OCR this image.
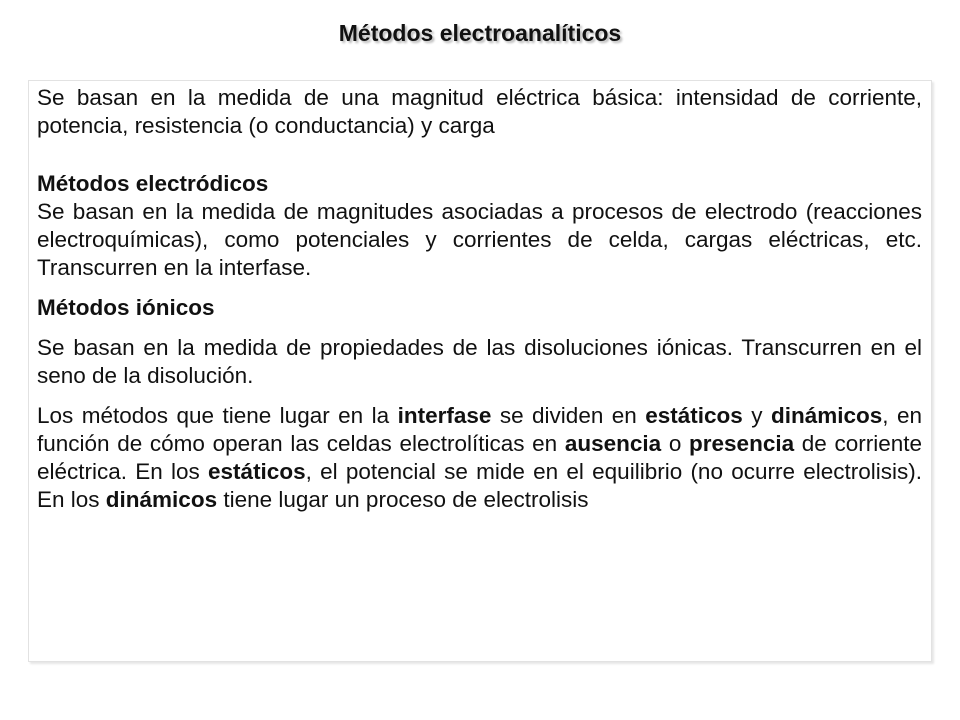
Métodos electroanalíticos

Se basan en la medida de una magnitud eléctrica básica: intensidad de corriente, potencia, resistencia (o conductancia) y carga

Métodos electródicos

Se basan en la medida de magnitudes asociadas a procesos de electrodo (reacciones electroquímicas), como potenciales y corrientes de celda, cargas eléctricas, etc. Transcurren en la interfase.

Métodos iónicos

Se basan en la medida de propiedades de las disoluciones iónicas. Transcurren en el seno de la disolución.

Los métodos que tiene lugar en la interfase se dividen en estáticos y dinámicos, en función de cómo operan las celdas electrolíticas en ausencia o presencia de corriente eléctrica. En los estáticos, el potencial se mide en el equilibrio (no ocurre electrolisis). En los dinámicos tiene lugar un proceso de electrolisis
